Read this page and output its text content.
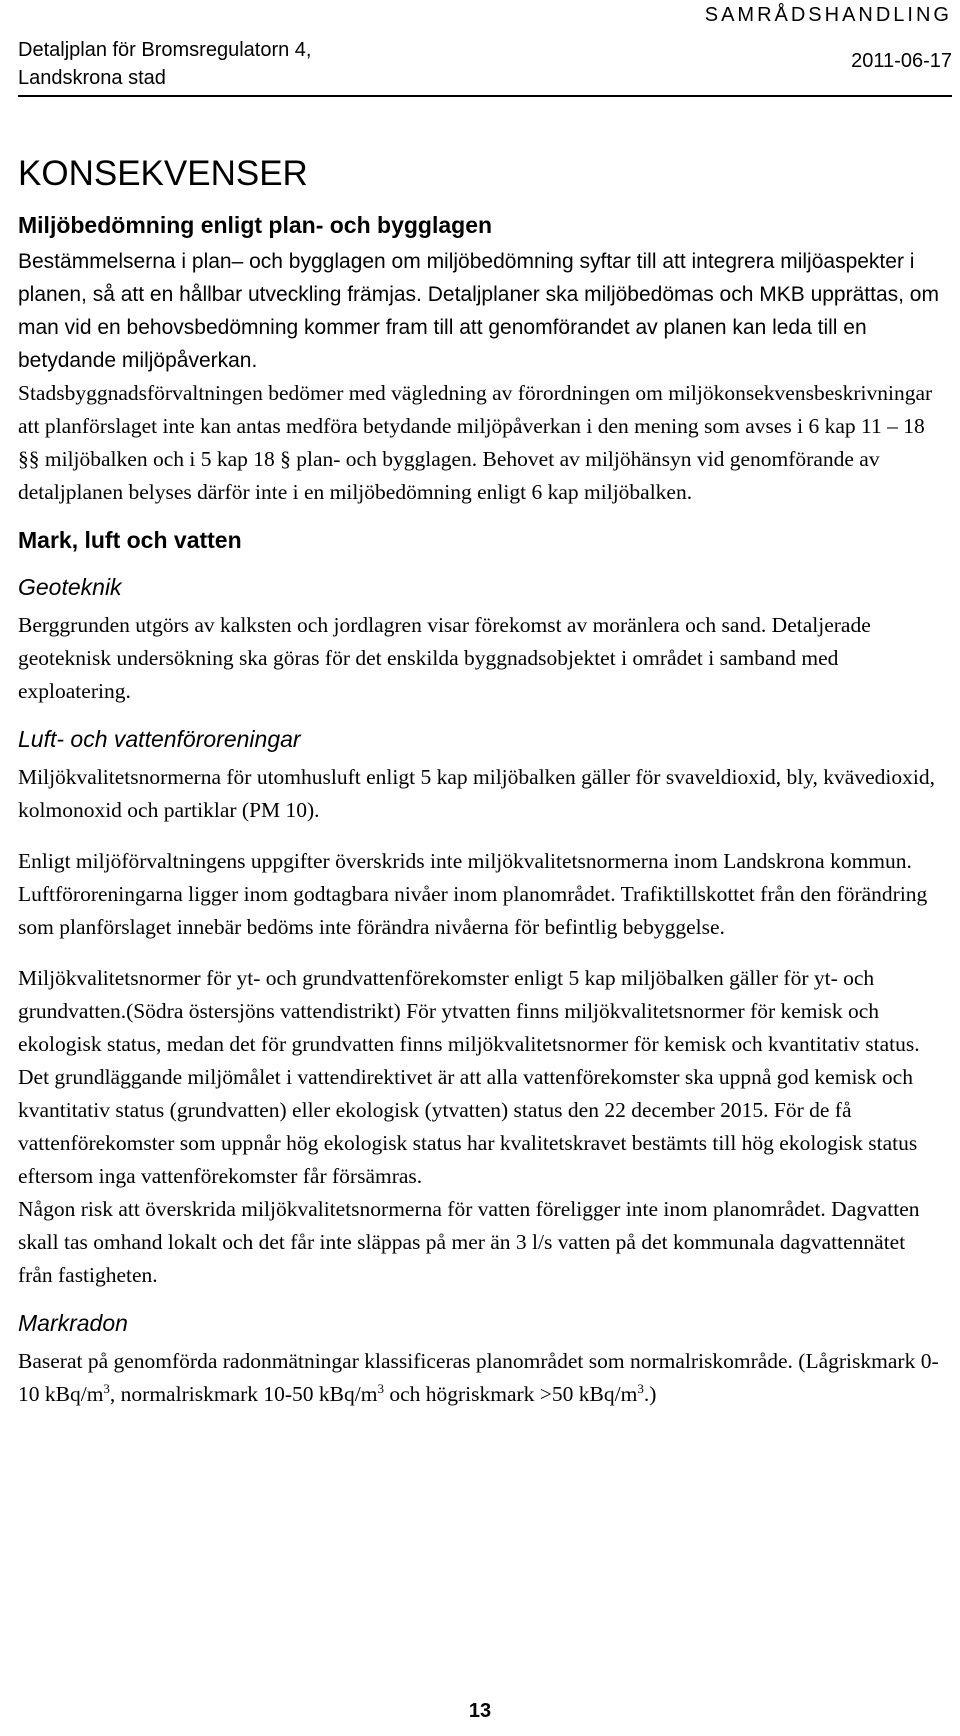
Detaljplan för Bromsregulatorn 4,
Landskrona stad
SAMRÅDSHANDLING
2011-06-17
KONSEKVENSER
Miljöbedömning enligt plan- och bygglagen

Bestämmelserna i plan– och bygglagen om miljöbedömning syftar till att integrera miljöaspekter i planen, så att en hållbar utveckling främjas. Detaljplaner ska miljöbedömas och MKB upprättas, om man vid en behovsbedömning kommer fram till att genomförandet av planen kan leda till en betydande miljöpåverkan.

Stadsbyggnadsförvaltningen bedömer med vägledning av förordningen om miljökonsekvensbeskrivningar att planförslaget inte kan antas medföra betydande miljöpåverkan i den mening som avses i 6 kap 11 – 18 §§ miljöbalken och i 5 kap 18 § plan- och bygglagen. Behovet av miljöhänsyn vid genomförande av detaljplanen belyses därför inte i en miljöbedömning enligt 6 kap miljöbalken.

Mark, luft och vatten
Geoteknik

Berggrunden utgörs av kalksten och jordlagren visar förekomst av moränlera och sand. Detaljerade geoteknisk undersökning ska göras för det enskilda byggnadsobjektet i området i samband med exploatering.

Luft- och vattenföroreningar

Miljökvalitetsnormerna för utomhusluft enligt 5 kap miljöbalken gäller för svaveldioxid, bly, kvävedioxid, kolmonoxid och partiklar (PM 10).

Enligt miljöförvaltningens uppgifter överskrids inte miljökvalitetsnormerna inom Landskrona kommun. Luftföroreningarna ligger inom godtagbara nivåer inom planområdet. Trafiktillskottet från den förändring som planförslaget innebär bedöms inte förändra nivåerna för befintlig bebyggelse.

Miljökvalitetsnormer för yt- och grundvattenförekomster enligt 5 kap miljöbalken gäller för yt- och grundvatten.(Södra östersjöns vattendistrikt) För ytvatten finns miljökvalitetsnormer för kemisk och ekologisk status, medan det för grundvatten finns miljökvalitetsnormer för kemisk och kvantitativ status. Det grundläggande miljömålet i vattendirektivet är att alla vattenförekomster ska uppnå god kemisk och kvantitativ status (grundvatten) eller ekologisk (ytvatten) status den 22 december 2015. För de få vattenförekomster som uppnår hög ekologisk status har kvalitetskravet bestämts till hög ekologisk status eftersom inga vattenförekomster får försämras.

Någon risk att överskrida miljökvalitetsnormerna för vatten föreligger inte inom planområdet. Dagvatten skall tas omhand lokalt och det får inte släppas på mer än 3 l/s vatten på det kommunala dagvattennätet från fastigheten.

Markradon

Baserat på genomförda radonmätningar klassificeras planområdet som normalriskområde. (Lågriskmark 0-10 kBq/$m^3$, normalriskmark 10-50 kBq/$m^3$ och högriskmark >50 kBq/$m^3$.)

13
